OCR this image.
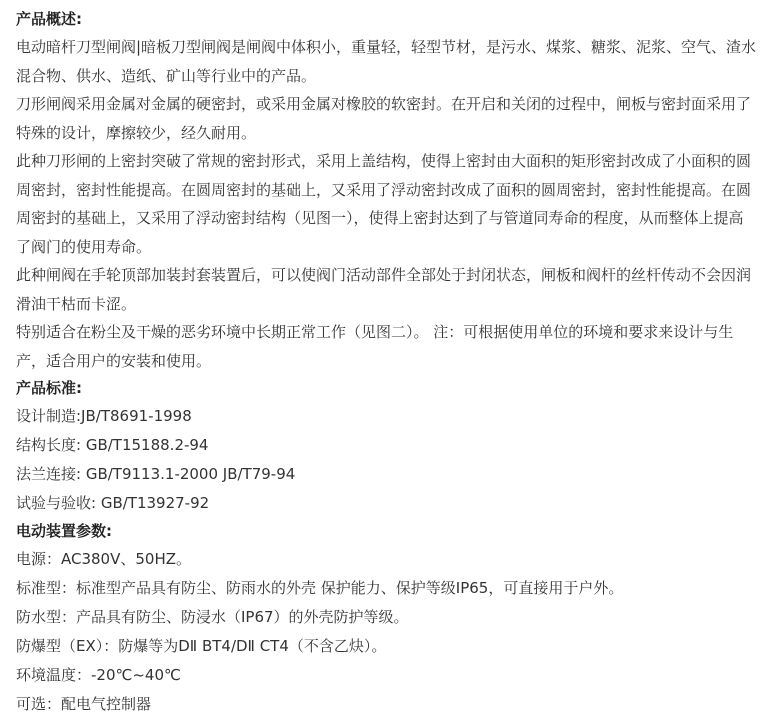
产品概述:

电动暗杆刀型闸阀|暗板刀型闸阀是闸阀中体积小，重量轻，轻型节材，是污水、煤浆、糖浆、泥浆、空气、渣水混合物、供水、造纸、矿山等行业中的产品。

刀形闸阀采用金属对金属的硬密封，或采用金属对橡胶的软密封。在开启和关闭的过程中，闸板与密封面采用了特殊的设计，摩擦较少，经久耐用。

此种刀形闸的上密封突破了常规的密封形式，采用上盖结构，使得上密封由大面积的矩形密封改成了小面积的圆周密封，密封性能提高。在圆周密封的基础上，又采用了浮动密封改成了面积的圆周密封，密封性能提高。在圆周密封的基础上，又采用了浮动密封结构（见图一），使得上密封达到了与管道同寿命的程度，从而整体上提高了阀门的使用寿命。

此种闸阀在手轮顶部加装封套装置后，可以使阀门活动部件全部处于封闭状态，闸板和阀杆的丝杆传动不会因润滑油干枯而卡涩。

特别适合在粉尘及干燥的恶劣环境中长期正常工作（见图二）。 注：可根据使用单位的环境和要求来设计与生产，适合用户的安装和使用。

产品标准:
设计制造:JB/T8691-1998
结构长度: GB/T15188.2-94
法兰连接: GB/T9113.1-2000 JB/T79-94
试验与验收: GB/T13927-92
电动装置参数:
电源：AC380V、50HZ。
标准型：标准型产品具有防尘、防雨水的外壳 保护能力、保护等级IP65，可直接用于户外。
防水型：产品具有防尘、防浸水（IP67）的外壳防护等级。
防爆型（EX）：防爆等为DⅡ BT4/DⅡ CT4（不含乙炔）。
环境温度：-20℃~40℃
可选：配电气控制器
